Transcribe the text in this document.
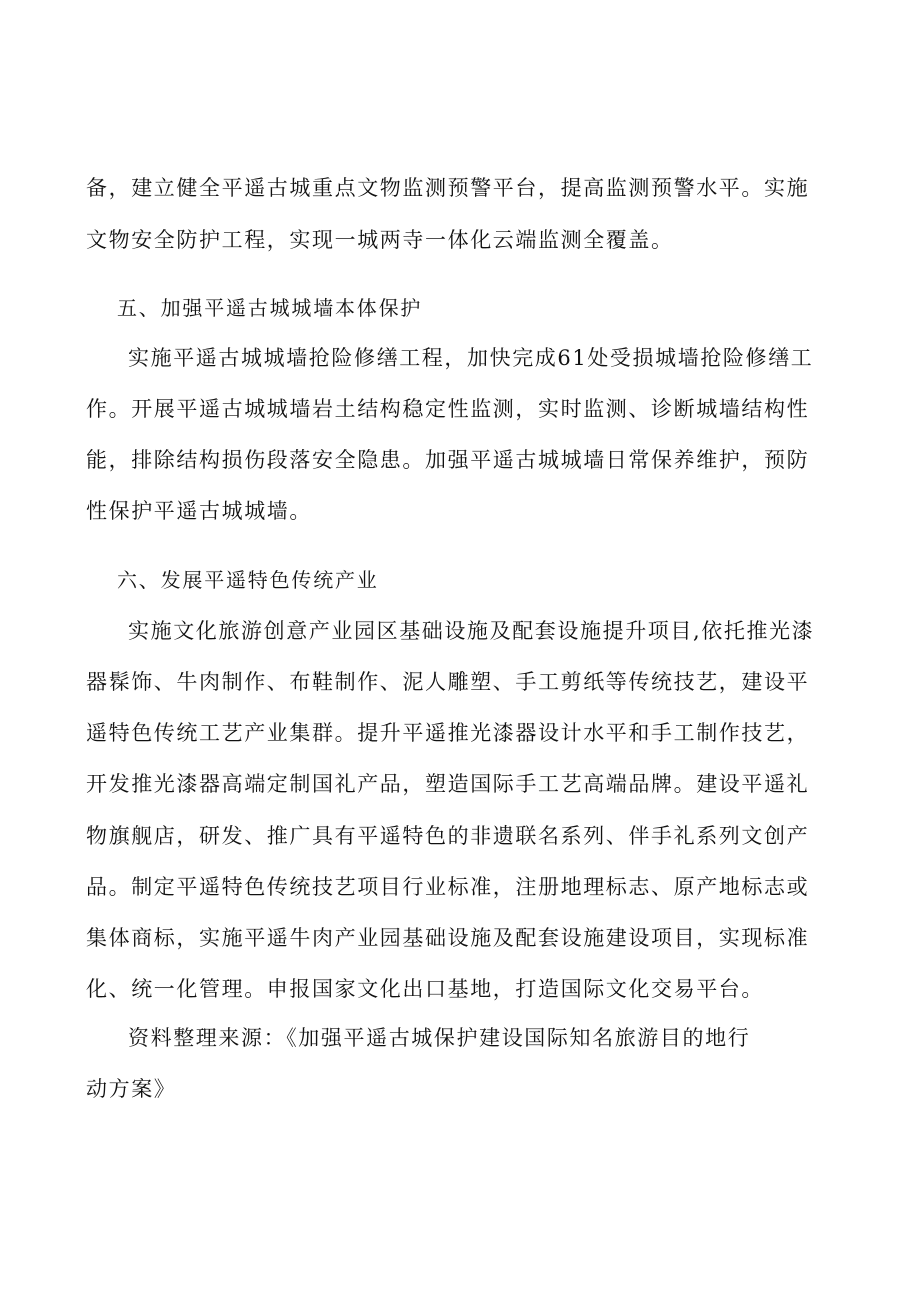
备，建立健全平遥古城重点文物监测预警平台，提高监测预警水平。实施
文物安全防护工程，实现一城两寺一体化云端监测全覆盖。
五、加强平遥古城城墙本体保护
实施平遥古城城墙抢险修缮工程，加快完成61处受损城墙抢险修缮工
作。开展平遥古城城墙岩土结构稳定性监测，实时监测、诊断城墙结构性
能，排除结构损伤段落安全隐患。加强平遥古城城墙日常保养维护，预防
性保护平遥古城城墙。
六、发展平遥特色传统产业
实施文化旅游创意产业园区基础设施及配套设施提升项目,依托推光漆
器髹饰、牛肉制作、布鞋制作、泥人雕塑、手工剪纸等传统技艺，建设平
遥特色传统工艺产业集群。提升平遥推光漆器设计水平和手工制作技艺，
开发推光漆器高端定制国礼产品，塑造国际手工艺高端品牌。建设平遥礼
物旗舰店，研发、推广具有平遥特色的非遗联名系列、伴手礼系列文创产
品。制定平遥特色传统技艺项目行业标准，注册地理标志、原产地标志或
集体商标，实施平遥牛肉产业园基础设施及配套设施建设项目，实现标准
化、统一化管理。申报国家文化出口基地，打造国际文化交易平台。
资料整理来源：《加强平遥古城保护建设国际知名旅游目的地行
动方案》
